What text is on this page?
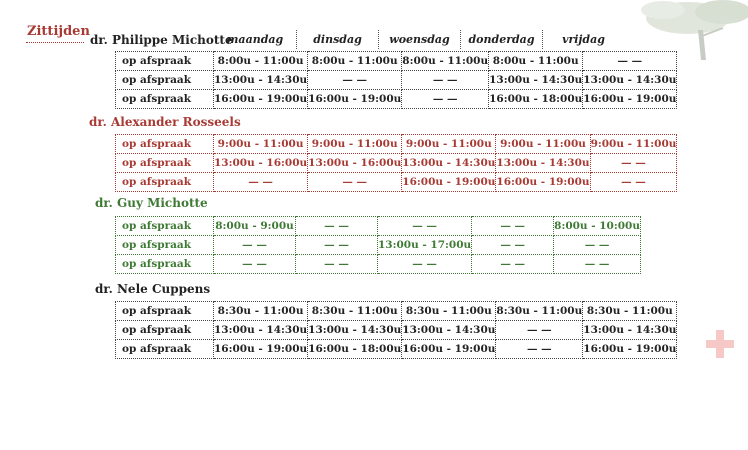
Zittijden
maandag	dinsdag	woensdag	donderdag	vrijdag
dr. Philippe Michotte
op afspraak	8:00u - 11:00u	8:00u - 11:00u	8:00u - 11:00u	8:00u - 11:00u	— —
op afspraak	13:00u - 14:30u	— —	— —	13:00u - 14:30u	13:00u - 14:30u
op afspraak	16:00u - 19:00u	16:00u - 19:00u	— —	16:00u - 18:00u	16:00u - 19:00u
dr. Alexander Rosseels
op afspraak	9:00u - 11:00u	9:00u - 11:00u	9:00u - 11:00u	9:00u - 11:00u	9:00u - 11:00u
op afspraak	13:00u - 16:00u	13:00u - 16:00u	13:00u - 14:30u	13:00u - 14:30u	— —
op afspraak	— —	— —	16:00u - 19:00u	16:00u - 19:00u	— —
dr. Guy Michotte
op afspraak	8:00u - 9:00u	— —	— —	— —	8:00u - 10:00u
op afspraak	— —	— —	13:00u - 17:00u	— —	— —
op afspraak	— —	— —	— —	— —	— —
dr. Nele Cuppens
op afspraak	8:30u - 11:00u	8:30u - 11:00u	8:30u - 11:00u	8:30u - 11:00u	8:30u - 11:00u
op afspraak	13:00u - 14:30u	13:00u - 14:30u	13:00u - 14:30u	— —	13:00u - 14:30u
op afspraak	16:00u - 19:00u	16:00u - 18:00u	16:00u - 19:00u	— —	16:00u - 19:00u
